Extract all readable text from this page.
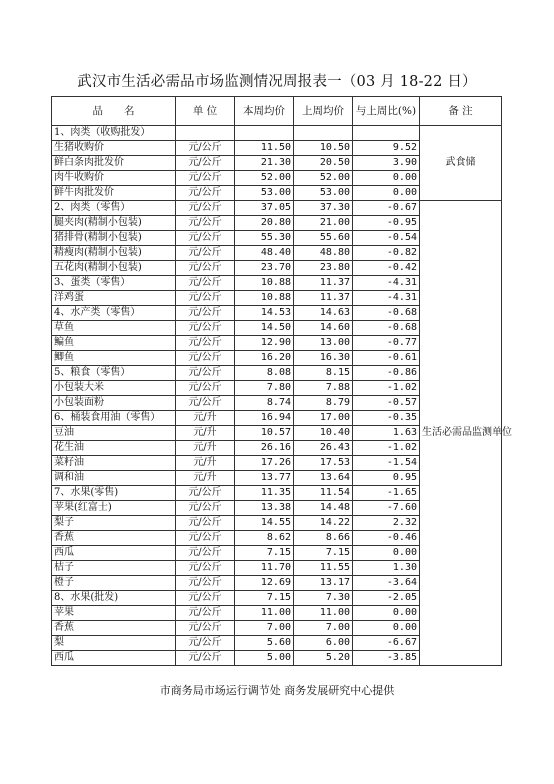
武汉市生活必需品市场监测情况周报表一（03 月 18-22 日）
品　　名	单 位	本周均价	上周均价	与上周比(%)	备 注
1、肉类（收购批发）					武食储
生猪收购价	元/公斤	11.50	10.50	9.52	
鲜白条肉批发价	元/公斤	21.30	20.50	3.90	
肉牛收购价	元/公斤	52.00	52.00	0.00	
鲜牛肉批发价	元/公斤	53.00	53.00	0.00	
2、肉类（零售）	元/公斤	37.05	37.30	-0.67	生活必需品监测单位
腿夹肉(精制小包装)	元/公斤	20.80	21.00	-0.95	
猪排骨(精制小包装)	元/公斤	55.30	55.60	-0.54	
精瘦肉(精制小包装)	元/公斤	48.40	48.80	-0.82	
五花肉(精制小包装)	元/公斤	23.70	23.80	-0.42	
3、蛋类（零售）	元/公斤	10.88	11.37	-4.31	
洋鸡蛋	元/公斤	10.88	11.37	-4.31	
4、水产类（零售）	元/公斤	14.53	14.63	-0.68	
草鱼	元/公斤	14.50	14.60	-0.68	
鳊鱼	元/公斤	12.90	13.00	-0.77	
鲫鱼	元/公斤	16.20	16.30	-0.61	
5、粮食（零售）	元/公斤	8.08	8.15	-0.86	
小包装大米	元/公斤	7.80	7.88	-1.02	
小包装面粉	元/公斤	8.74	8.79	-0.57	
6、桶装食用油（零售）	元/升	16.94	17.00	-0.35	
豆油	元/升	10.57	10.40	1.63	
花生油	元/升	26.16	26.43	-1.02	
菜籽油	元/升	17.26	17.53	-1.54	
调和油	元/升	13.77	13.64	0.95	
7、水果(零售)	元/公斤	11.35	11.54	-1.65	
苹果(红富士)	元/公斤	13.38	14.48	-7.60	
梨子	元/公斤	14.55	14.22	2.32	
香蕉	元/公斤	8.62	8.66	-0.46	
西瓜	元/公斤	7.15	7.15	0.00	
桔子	元/公斤	11.70	11.55	1.30	
橙子	元/公斤	12.69	13.17	-3.64	
8、水果(批发)	元/公斤	7.15	7.30	-2.05	
苹果	元/公斤	11.00	11.00	0.00	
香蕉	元/公斤	7.00	7.00	0.00	
梨	元/公斤	5.60	6.00	-6.67	
西瓜	元/公斤	5.00	5.20	-3.85	
市商务局市场运行调节处 商务发展研究中心提供
